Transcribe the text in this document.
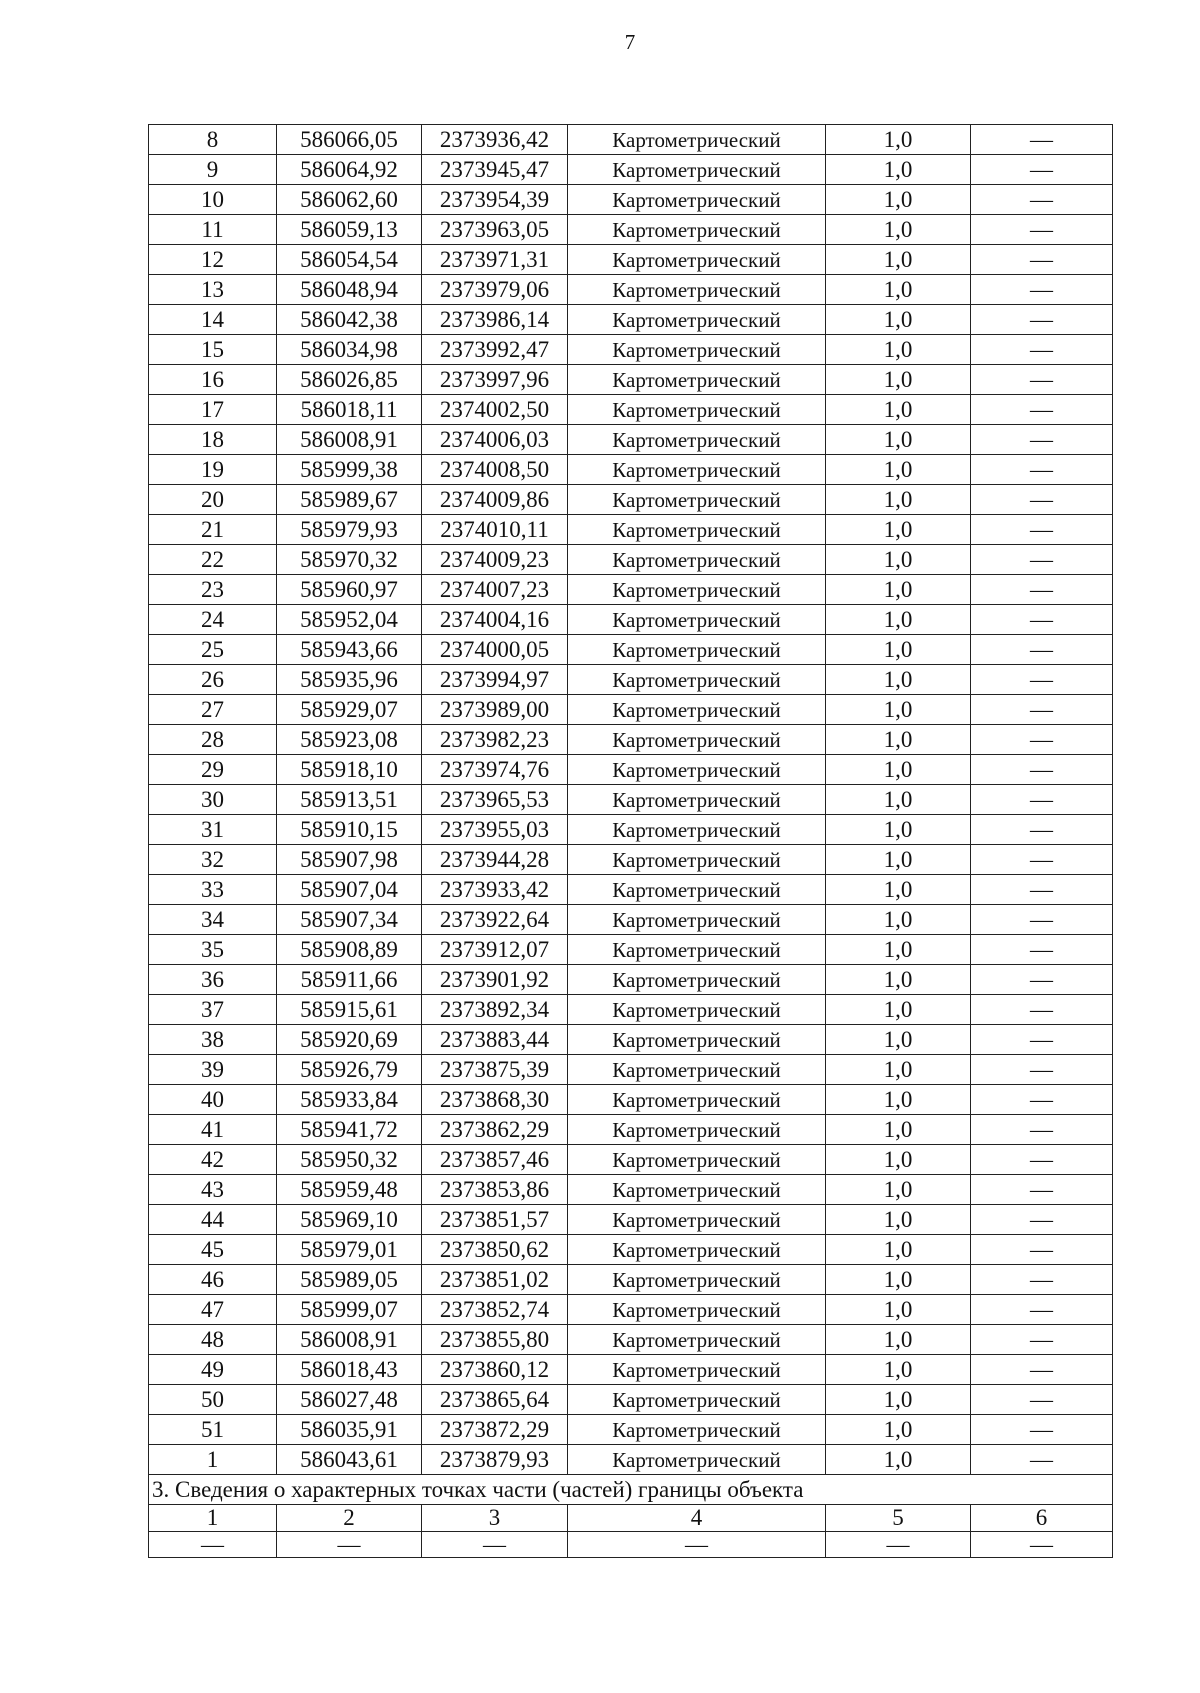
7
8	586066,05	2373936,42	Картометрический	1,0	—
9	586064,92	2373945,47	Картометрический	1,0	—
10	586062,60	2373954,39	Картометрический	1,0	—
11	586059,13	2373963,05	Картометрический	1,0	—
12	586054,54	2373971,31	Картометрический	1,0	—
13	586048,94	2373979,06	Картометрический	1,0	—
14	586042,38	2373986,14	Картометрический	1,0	—
15	586034,98	2373992,47	Картометрический	1,0	—
16	586026,85	2373997,96	Картометрический	1,0	—
17	586018,11	2374002,50	Картометрический	1,0	—
18	586008,91	2374006,03	Картометрический	1,0	—
19	585999,38	2374008,50	Картометрический	1,0	—
20	585989,67	2374009,86	Картометрический	1,0	—
21	585979,93	2374010,11	Картометрический	1,0	—
22	585970,32	2374009,23	Картометрический	1,0	—
23	585960,97	2374007,23	Картометрический	1,0	—
24	585952,04	2374004,16	Картометрический	1,0	—
25	585943,66	2374000,05	Картометрический	1,0	—
26	585935,96	2373994,97	Картометрический	1,0	—
27	585929,07	2373989,00	Картометрический	1,0	—
28	585923,08	2373982,23	Картометрический	1,0	—
29	585918,10	2373974,76	Картометрический	1,0	—
30	585913,51	2373965,53	Картометрический	1,0	—
31	585910,15	2373955,03	Картометрический	1,0	—
32	585907,98	2373944,28	Картометрический	1,0	—
33	585907,04	2373933,42	Картометрический	1,0	—
34	585907,34	2373922,64	Картометрический	1,0	—
35	585908,89	2373912,07	Картометрический	1,0	—
36	585911,66	2373901,92	Картометрический	1,0	—
37	585915,61	2373892,34	Картометрический	1,0	—
38	585920,69	2373883,44	Картометрический	1,0	—
39	585926,79	2373875,39	Картометрический	1,0	—
40	585933,84	2373868,30	Картометрический	1,0	—
41	585941,72	2373862,29	Картометрический	1,0	—
42	585950,32	2373857,46	Картометрический	1,0	—
43	585959,48	2373853,86	Картометрический	1,0	—
44	585969,10	2373851,57	Картометрический	1,0	—
45	585979,01	2373850,62	Картометрический	1,0	—
46	585989,05	2373851,02	Картометрический	1,0	—
47	585999,07	2373852,74	Картометрический	1,0	—
48	586008,91	2373855,80	Картометрический	1,0	—
49	586018,43	2373860,12	Картометрический	1,0	—
50	586027,48	2373865,64	Картометрический	1,0	—
51	586035,91	2373872,29	Картометрический	1,0	—
1	586043,61	2373879,93	Картометрический	1,0	—
3. Сведения о характерных точках части (частей) границы объекта					
1	2	3	4	5	6
—	—	—	—	—	—
